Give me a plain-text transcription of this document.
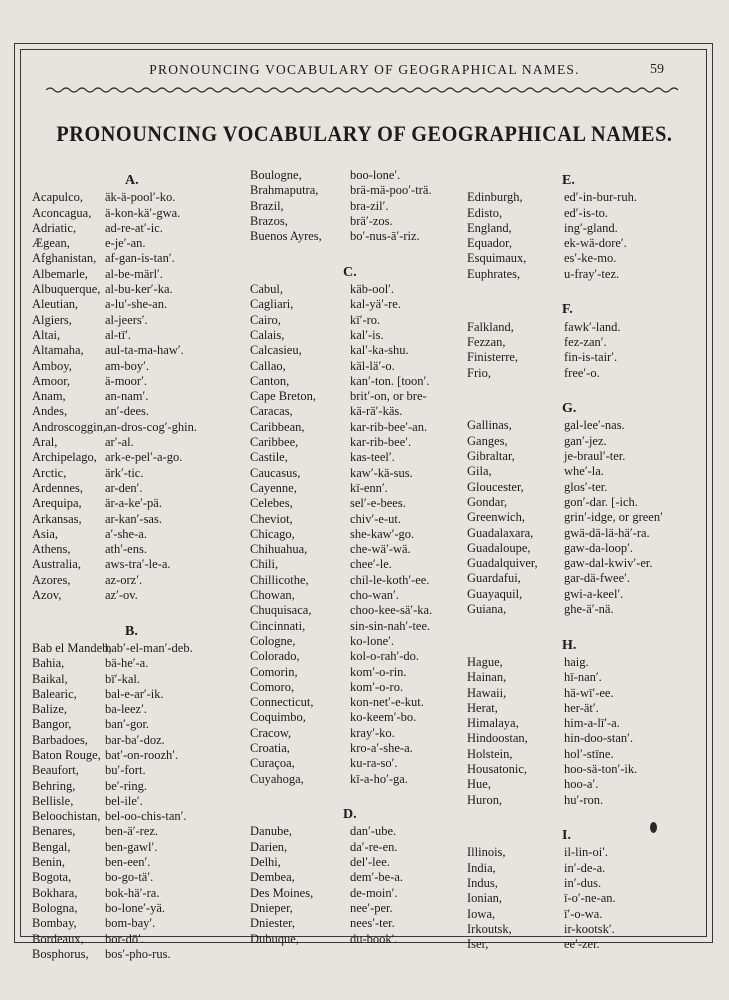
PRONOUNCING VOCABULARY OF GEOGRAPHICAL NAMES.	59
PRONOUNCING VOCABULARY OF GEOGRAPHICAL NAMES.
A.
Acapulco, äk-ä-pool′-ko.
Aconcagua, ä-kon-kä′-gwa.
Adriatic, ad-re-at′-ic.
Ægean,	e-je′-an.
Afghanistan, af-gan-is-tan′.
Albemarle, al-be-märl′.
Albuquerque, al-bu-ker′-ka.
Aleutian, a-lu′-she-an.
Algiers,	al-jeers′.
Altai,	al-tī′.
Altamaha, aul-ta-ma-haw′.
Amboy,	am-boy′.
Amoor,	ä-moor′.
Anam,	an-nam′.
Andes,	an′-dees.
Androscoggin, an-dros-cog′-ghin.
Aral,	ar′-al.
Archipelago, ark-e-pel′-a-go.
Arctic,	ärk′-tic.
Ardennes, ar-den′.
Arequipa, är-a-ke′-pä.
Arkansas, ar-kan′-sas.
Asia,	a′-she-a.
Athens,	ath′-ens.
Australia, aws-tra′-le-a.
Azores,	az-orz′.
Azov,	az′-ov.
B.
Bab el Mandeb,
bab′-el-man′-deb.
Bahia,	bä-he′-a.
Baikal,	bī′-kal.
Balearic, bal-e-ar′-ik.
Balize,	ba-leez′.
Bangor,	ban′-gor.
Barbadoes, bar-ba′-doz.
Baton Rouge, bat′-on-roozh′.
Beaufort, bu′-fort.
Behring, be′-ring.
Bellisle,	bel-ile′.
Beloochistan, bel-oo-chis-tan′.
Benares, ben-ä′-rez.
Bengal,	ben-gawl′.
Benin,	ben-een′.
Bogota,	bo-go-tä′.
Bokhara, bok-hä′-ra.
Bologna, bo-lone′-yä.
Bombay, bom-bay′.
Bordeaux, bor-dō′.
Bosphorus, bos′-pho-rus.
Boulogne,	boo-lone′.
Brahmaputra,	brä-mä-poo′-trä.
Brazil,	bra-zil′.
Brazos,	brä′-zos.
Buenos Ayres, bo′-nus-ā′-riz.
C.
Cabul,	käb-ool′.
Cagliari,	kal-yä′-re.
Cairo,	kī′-ro.
Calais,	kal′-is.
Calcasieu,	kal′-ka-shu.
Callao,	käl-lä′-o.
Canton,	kan′-ton. [toon′.
Cape Breton,	brit′-on, or bre-
Caracas,	kä-rä′-käs.
Caribbean,	kar-rib-bee′-an.
Caribbee,	kar-rib-bee′.
Castile,	kas-teel′.
Caucasus,	kaw′-kä-sus.
Cayenne,	kī-enn′.
Celebes,	sel′-e-bees.
Cheviot,	chiv′-e-ut.
Chicago,	she-kaw′-go.
Chihuahua,	che-wä′-wä.
Chili,	chee′-le.
Chillicothe,	chil-le-koth′-ee.
Chowan,	cho-wan′.
Chuquisaca,	choo-kee-sä′-ka.
Cincinnati,	sin-sin-nah′-tee.
Cologne,	ko-lone′.
Colorado,	kol-o-rah′-do.
Comorin,	kom′-o-rin.
Comoro,	kom′-o-ro.
Connecticut,	kon-net′-e-kut.
Coquimbo,	ko-keem′-bo.
Cracow,	kray′-ko.
Croatia,	kro-a′-she-a.
Curaçoa,	ku-ra-so′.
Cuyahoga,	kī-a-ho′-ga.
D.
Danube,	dan′-ube.
Darien,	da′-re-en.
Delhi,	del′-lee.
Dembea,	dem′-be-a.
Des Moines,	de-moin′.
Dnieper,	nee′-per.
Dniester,	nees′-ter.
Dubuque,	du-book′.
E.
Edinburgh,	ed′-in-bur-ruh.
Edisto,	ed′-is-to.
England,	ing′-gland.
Equador,	ek-wä-dore′.
Esquimaux,	es′-ke-mo.
Euphrates,	u-fray′-tez.
F.
Falkland,	fawk′-land.
Fezzan,	fez-zan′.
Finisterre,	fin-is-tair′.
Frio,	free′-o.
G.
Gallinas,	gal-lee′-nas.
Ganges,	gan′-jez.
Gibraltar,	je-braul′-ter.
Gila,	whe′-la.
Gloucester,	glos′-ter.
Gondar,	gon′-dar. [-ich.
Greenwich,	grin′-idge, or green′
Guadalaxara, gwä-dä-lä-hä′-ra.
Guadaloupe,	gaw-da-loop′.
Guadalquiver, gaw-dal-kwiv′-er.
Guardafui,	gar-dä-fwee′.
Guayaquil,	gwi-a-keel′.
Guiana,	ghe-ä′-nä.
H.
Hague,	haig.
Hainan,	hī-nan′.
Hawaii,	hä-wī′-ee.
Herat,	her-ät′.
Himalaya,	him-a-lī′-a.
Hindoostan,	hin-doo-stan′.
Holstein,	hol′-stīne.
Housatonic,	hoo-sä-ton′-ik.
Hue,	hoo-a′.
Huron,	hu′-ron.
I.
Illinois,	il-lin-oi′.
India,	in′-de-a.
Indus,	in′-dus.
Ionian,	ī-o′-ne-an.
Iowa,	ī′-o-wa.
Irkoutsk,	ir-kootsk′.
Iser,	ee′-zer.
